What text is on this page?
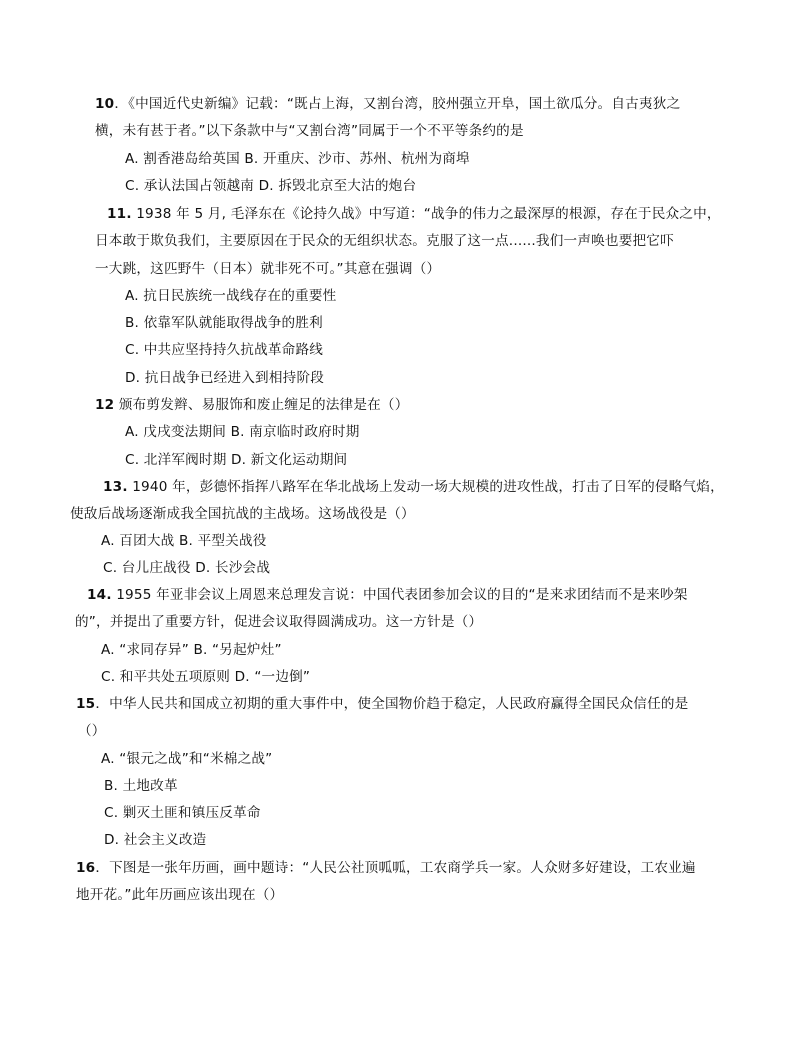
10．《中国近代史新编》记载：“既占上海，又割台湾，胶州强立开阜，国土欲瓜分。自古夷狄之
横，未有甚于者。”以下条款中与“又割台湾”同属于一个不平等条约的是
A. 割香港岛给英国 B. 开重庆、沙市、苏州、杭州为商埠
C. 承认法国占领越南 D. 拆毁北京至大沽的炮台
11. 1938 年 5 月, 毛泽东在《论持久战》中写道：“战争的伟力之最深厚的根源，存在于民众之中，
日本敢于欺负我们，主要原因在于民众的无组织状态。克服了这一点......我们一声唤也要把它吓
一大跳，这匹野牛（日本）就非死不可。”其意在强调（）
A. 抗日民族统一战线存在的重要性
B. 依靠军队就能取得战争的胜利
C. 中共应坚持持久抗战革命路线
D. 抗日战争已经进入到相持阶段
12 颁布剪发辫、易服饰和废止缠足的法律是在（）
A. 戊戌变法期间 B. 南京临时政府时期
C. 北洋军阀时期 D. 新文化运动期间
13. 1940 年，彭德怀指挥八路军在华北战场上发动一场大规模的进攻性战，打击了日军的侵略气焰，
使敌后战场逐渐成我全国抗战的主战场。这场战役是（）
A. 百团大战 B. 平型关战役
C. 台儿庄战役 D. 长沙会战
14. 1955 年亚非会议上周恩来总理发言说：中国代表团参加会议的目的“是来求团结而不是来吵架
的”，并提出了重要方针，促进会议取得圆满成功。这一方针是（）
A. “求同存异” B. “另起炉灶”
C. 和平共处五项原则 D. “一边倒”
15．中华人民共和国成立初期的重大事件中，使全国物价趋于稳定，人民政府赢得全国民众信任的是
（）
A. “银元之战”和“米棉之战”
B. 土地改革
C. 剿灭土匪和镇压反革命
D. 社会主义改造
16．下图是一张年历画，画中题诗：“人民公社顶呱呱，工农商学兵一家。人众财多好建设，工农业遍
地开花。”此年历画应该出现在（）
